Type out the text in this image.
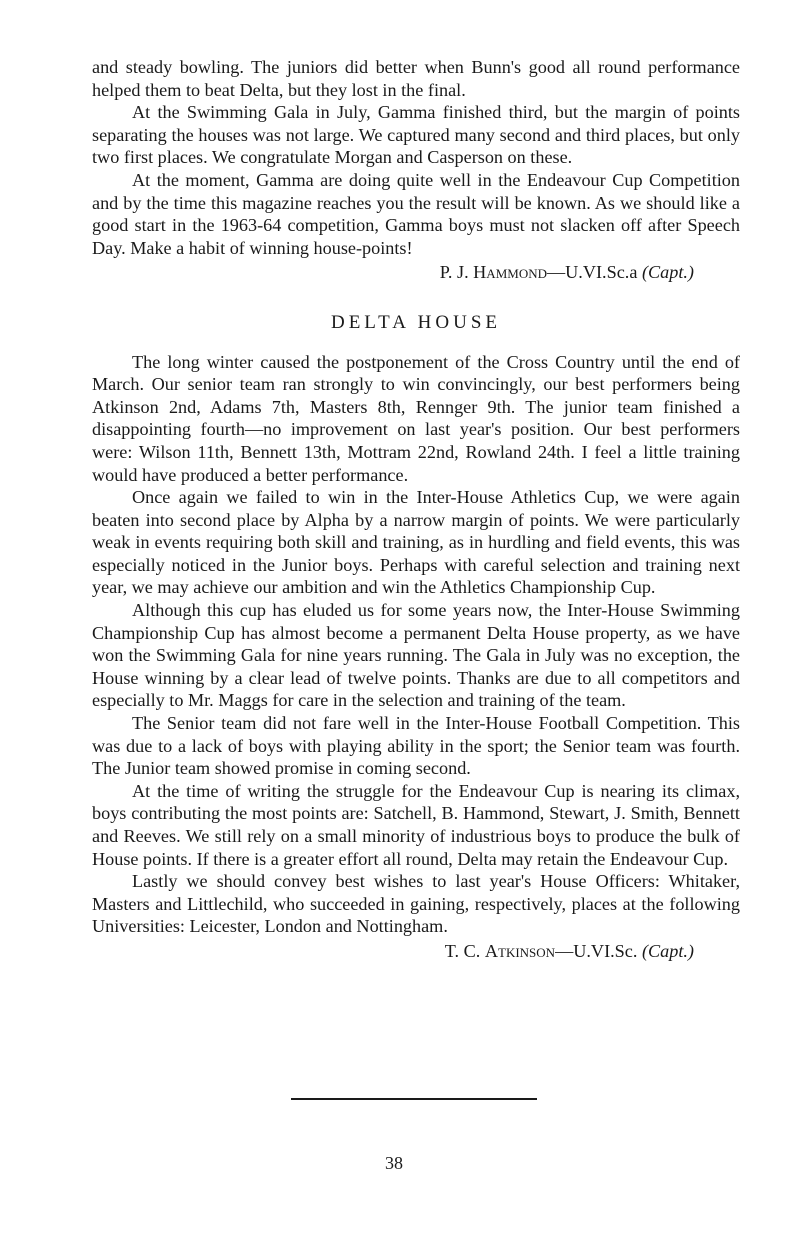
and steady bowling. The juniors did better when Bunn's good all round performance helped them to beat Delta, but they lost in the final.

At the Swimming Gala in July, Gamma finished third, but the margin of points separating the houses was not large. We captured many second and third places, but only two first places. We congratulate Morgan and Casperson on these.

At the moment, Gamma are doing quite well in the Endeavour Cup Competition and by the time this magazine reaches you the result will be known. As we should like a good start in the 1963-64 competition, Gamma boys must not slacken off after Speech Day. Make a habit of winning house-points!

P. J. Hammond—U.VI.Sc.a (Capt.)
DELTA HOUSE

The long winter caused the postponement of the Cross Country until the end of March. Our senior team ran strongly to win convincingly, our best performers being Atkinson 2nd, Adams 7th, Masters 8th, Rennger 9th. The junior team finished a disappointing fourth—no improvement on last year's position. Our best performers were: Wilson 11th, Bennett 13th, Mottram 22nd, Rowland 24th. I feel a little training would have produced a better performance.

Once again we failed to win in the Inter-House Athletics Cup, we were again beaten into second place by Alpha by a narrow margin of points. We were particularly weak in events requiring both skill and training, as in hurdling and field events, this was especially noticed in the Junior boys. Perhaps with careful selection and training next year, we may achieve our ambition and win the Athletics Championship Cup.

Although this cup has eluded us for some years now, the Inter-House Swimming Championship Cup has almost become a permanent Delta House property, as we have won the Swimming Gala for nine years running. The Gala in July was no exception, the House winning by a clear lead of twelve points. Thanks are due to all competitors and especially to Mr. Maggs for care in the selection and training of the team.

The Senior team did not fare well in the Inter-House Football Competition. This was due to a lack of boys with playing ability in the sport; the Senior team was fourth. The Junior team showed promise in coming second.

At the time of writing the struggle for the Endeavour Cup is nearing its climax, boys contributing the most points are: Satchell, B. Hammond, Stewart, J. Smith, Bennett and Reeves. We still rely on a small minority of industrious boys to produce the bulk of House points. If there is a greater effort all round, Delta may retain the Endeavour Cup.

Lastly we should convey best wishes to last year's House Officers: Whitaker, Masters and Littlechild, who succeeded in gaining, respectively, places at the following Universities: Leicester, London and Nottingham.

T. C. Atkinson—U.VI.Sc. (Capt.)
38
